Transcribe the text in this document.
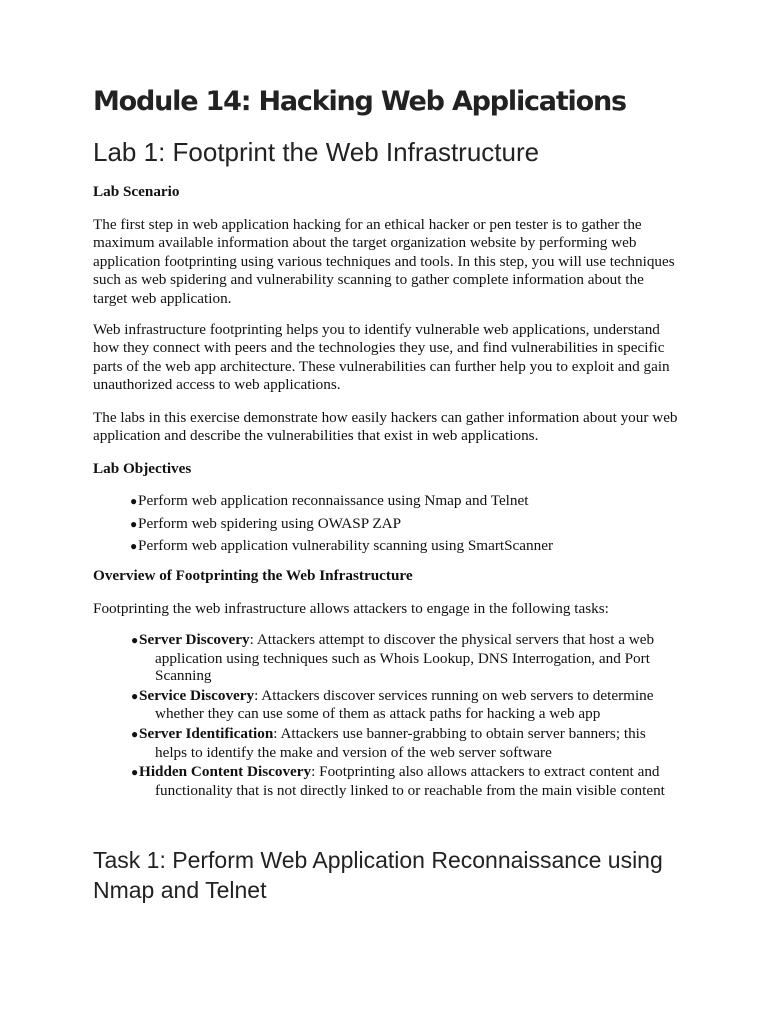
Module 14: Hacking Web Applications
Lab 1: Footprint the Web Infrastructure

Lab Scenario

The first step in web application hacking for an ethical hacker or pen tester is to gather the maximum available information about the target organization website by performing web application footprinting using various techniques and tools. In this step, you will use techniques such as web spidering and vulnerability scanning to gather complete information about the target web application.

Web infrastructure footprinting helps you to identify vulnerable web applications, understand how they connect with peers and the technologies they use, and find vulnerabilities in specific parts of the web app architecture. These vulnerabilities can further help you to exploit and gain unauthorized access to web applications.

The labs in this exercise demonstrate how easily hackers can gather information about your web application and describe the vulnerabilities that exist in web applications.

Lab Objectives

●Perform web application reconnaissance using Nmap and Telnet
●Perform web spidering using OWASP ZAP
●Perform web application vulnerability scanning using SmartScanner

Overview of Footprinting the Web Infrastructure

Footprinting the web infrastructure allows attackers to engage in the following tasks:

●Server Discovery: Attackers attempt to discover the physical servers that host a web application using techniques such as Whois Lookup, DNS Interrogation, and Port Scanning
●Service Discovery: Attackers discover services running on web servers to determine whether they can use some of them as attack paths for hacking a web app
●Server Identification: Attackers use banner-grabbing to obtain server banners; this helps to identify the make and version of the web server software
●Hidden Content Discovery: Footprinting also allows attackers to extract content and functionality that is not directly linked to or reachable from the main visible content
Task 1: Perform Web Application Reconnaissance using Nmap and Telnet
